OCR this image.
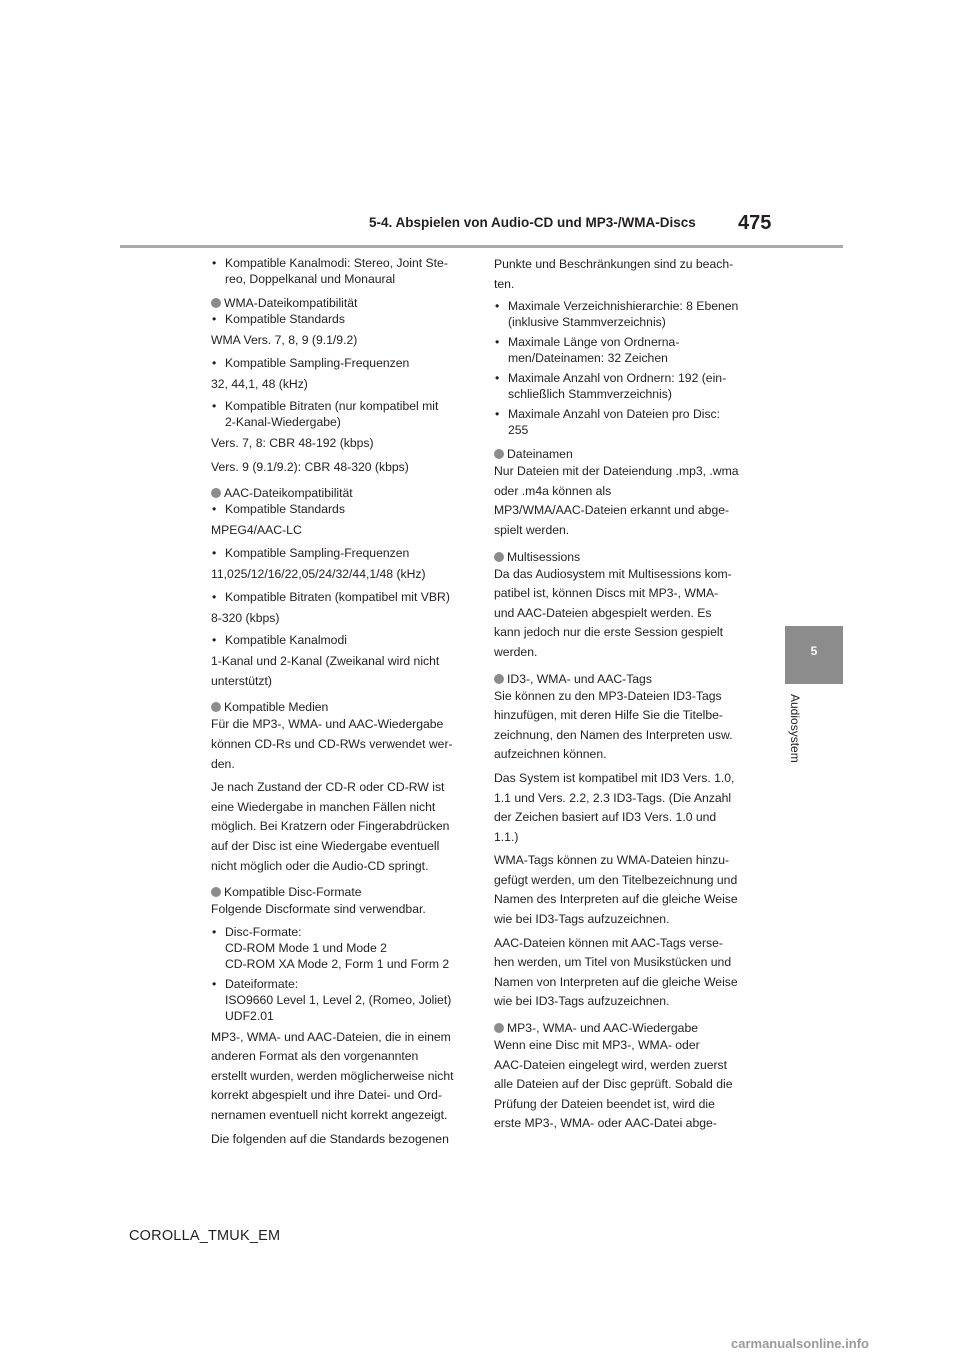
5-4. Abspielen von Audio-CD und MP3-/WMA-Discs 475
5
Audiosystem
• Kompatible Kanalmodi: Stereo, Joint Ste-
reo, Doppelkanal und Monaural
WMA-Dateikompatibilität
• Kompatible Standards
WMA Vers. 7, 8, 9 (9.1/9.2)
• Kompatible Sampling-Frequenzen
32, 44,1, 48 (kHz)
• Kompatible Bitraten (nur kompatibel mit
2-Kanal-Wiedergabe)
Vers. 7, 8: CBR 48-192 (kbps)
Vers. 9 (9.1/9.2): CBR 48-320 (kbps)
AAC-Dateikompatibilität
• Kompatible Standards
MPEG4/AAC-LC
• Kompatible Sampling-Frequenzen
11,025/12/16/22,05/24/32/44,1/48 (kHz)
• Kompatible Bitraten (kompatibel mit VBR)
8-320 (kbps)
• Kompatible Kanalmodi
1-Kanal und 2-Kanal (Zweikanal wird nicht
unterstützt)
Kompatible Medien
Für die MP3-, WMA- und AAC-Wiedergabe
können CD-Rs und CD-RWs verwendet wer-
den.
Je nach Zustand der CD-R oder CD-RW ist
eine Wiedergabe in manchen Fällen nicht
möglich. Bei Kratzern oder Fingerabdrücken
auf der Disc ist eine Wiedergabe eventuell
nicht möglich oder die Audio-CD springt.
Kompatible Disc-Formate
Folgende Discformate sind verwendbar.
• Disc-Formate:
CD-ROM Mode 1 und Mode 2
CD-ROM XA Mode 2, Form 1 und Form 2
• Dateiformate:
ISO9660 Level 1, Level 2, (Romeo, Joliet)
UDF2.01
MP3-, WMA- und AAC-Dateien, die in einem
anderen Format als den vorgenannten
erstellt wurden, werden möglicherweise nicht
korrekt abgespielt und ihre Datei- und Ord-
nernamen eventuell nicht korrekt angezeigt.
Die folgenden auf die Standards bezogenen
Punkte und Beschränkungen sind zu beach-
ten.
• Maximale Verzeichnishierarchie: 8 Ebenen
(inklusive Stammverzeichnis)
• Maximale Länge von Ordnerna-
men/Dateinamen: 32 Zeichen
• Maximale Anzahl von Ordnern: 192 (ein-
schließlich Stammverzeichnis)
• Maximale Anzahl von Dateien pro Disc:
255
Dateinamen
Nur Dateien mit der Dateiendung .mp3, .wma
oder .m4a können als
MP3/WMA/AAC-Dateien erkannt und abge-
spielt werden.
Multisessions
Da das Audiosystem mit Multisessions kom-
patibel ist, können Discs mit MP3-, WMA-
und AAC-Dateien abgespielt werden. Es
kann jedoch nur die erste Session gespielt
werden.
ID3-, WMA- und AAC-Tags
Sie können zu den MP3-Dateien ID3-Tags
hinzufügen, mit deren Hilfe Sie die Titelbe-
zeichnung, den Namen des Interpreten usw.
aufzeichnen können.
Das System ist kompatibel mit ID3 Vers. 1.0,
1.1 und Vers. 2.2, 2.3 ID3-Tags. (Die Anzahl
der Zeichen basiert auf ID3 Vers. 1.0 und
1.1.)
WMA-Tags können zu WMA-Dateien hinzu-
gefügt werden, um den Titelbezeichnung und
Namen des Interpreten auf die gleiche Weise
wie bei ID3-Tags aufzuzeichnen.
AAC-Dateien können mit AAC-Tags verse-
hen werden, um Titel von Musikstücken und
Namen von Interpreten auf die gleiche Weise
wie bei ID3-Tags aufzuzeichnen.
MP3-, WMA- und AAC-Wiedergabe
Wenn eine Disc mit MP3-, WMA- oder
AAC-Dateien eingelegt wird, werden zuerst
alle Dateien auf der Disc geprüft. Sobald die
Prüfung der Dateien beendet ist, wird die
erste MP3-, WMA- oder AAC-Datei abge-
COROLLA_TMUK_EM
carmanualsonline.info
